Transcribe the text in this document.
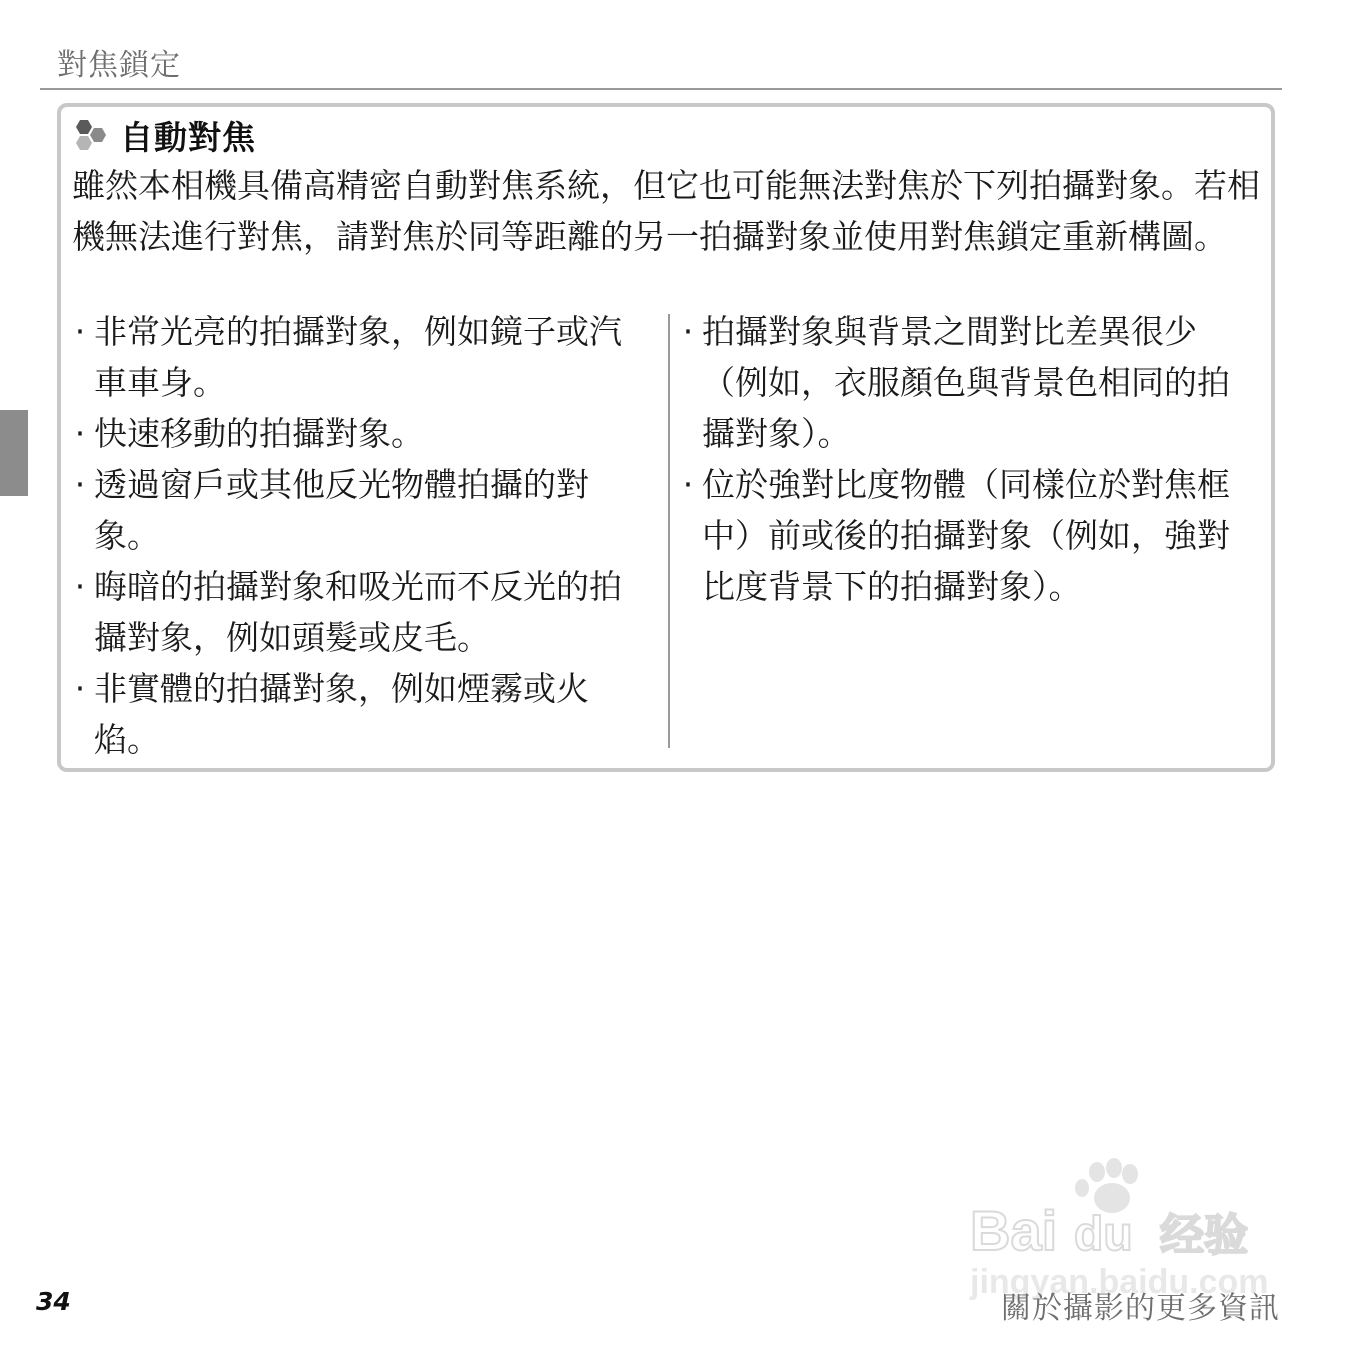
對焦鎖定
自動對焦

雖然本相機具備高精密自動對焦系統，但它也可能無法對焦於下列拍攝對象。若相機無法進行對焦，請對焦於同等距離的另一拍攝對象並使用對焦鎖定重新構圖。

· 非常光亮的拍攝對象，例如鏡子或汽車車身。
· 快速移動的拍攝對象。
· 透過窗戶或其他反光物體拍攝的對象。
· 晦暗的拍攝對象和吸光而不反光的拍攝對象，例如頭髮或皮毛。
· 非實體的拍攝對象，例如煙霧或火焰。
· 拍攝對象與背景之間對比差異很少（例如，衣服顏色與背景色相同的拍攝對象）。
· 位於強對比度物體（同樣位於對焦框中）前或後的拍攝對象（例如，強對比度背景下的拍攝對象）。
Bai du 经验
jingyan.baidu.com
34	關於攝影的更多資訊
